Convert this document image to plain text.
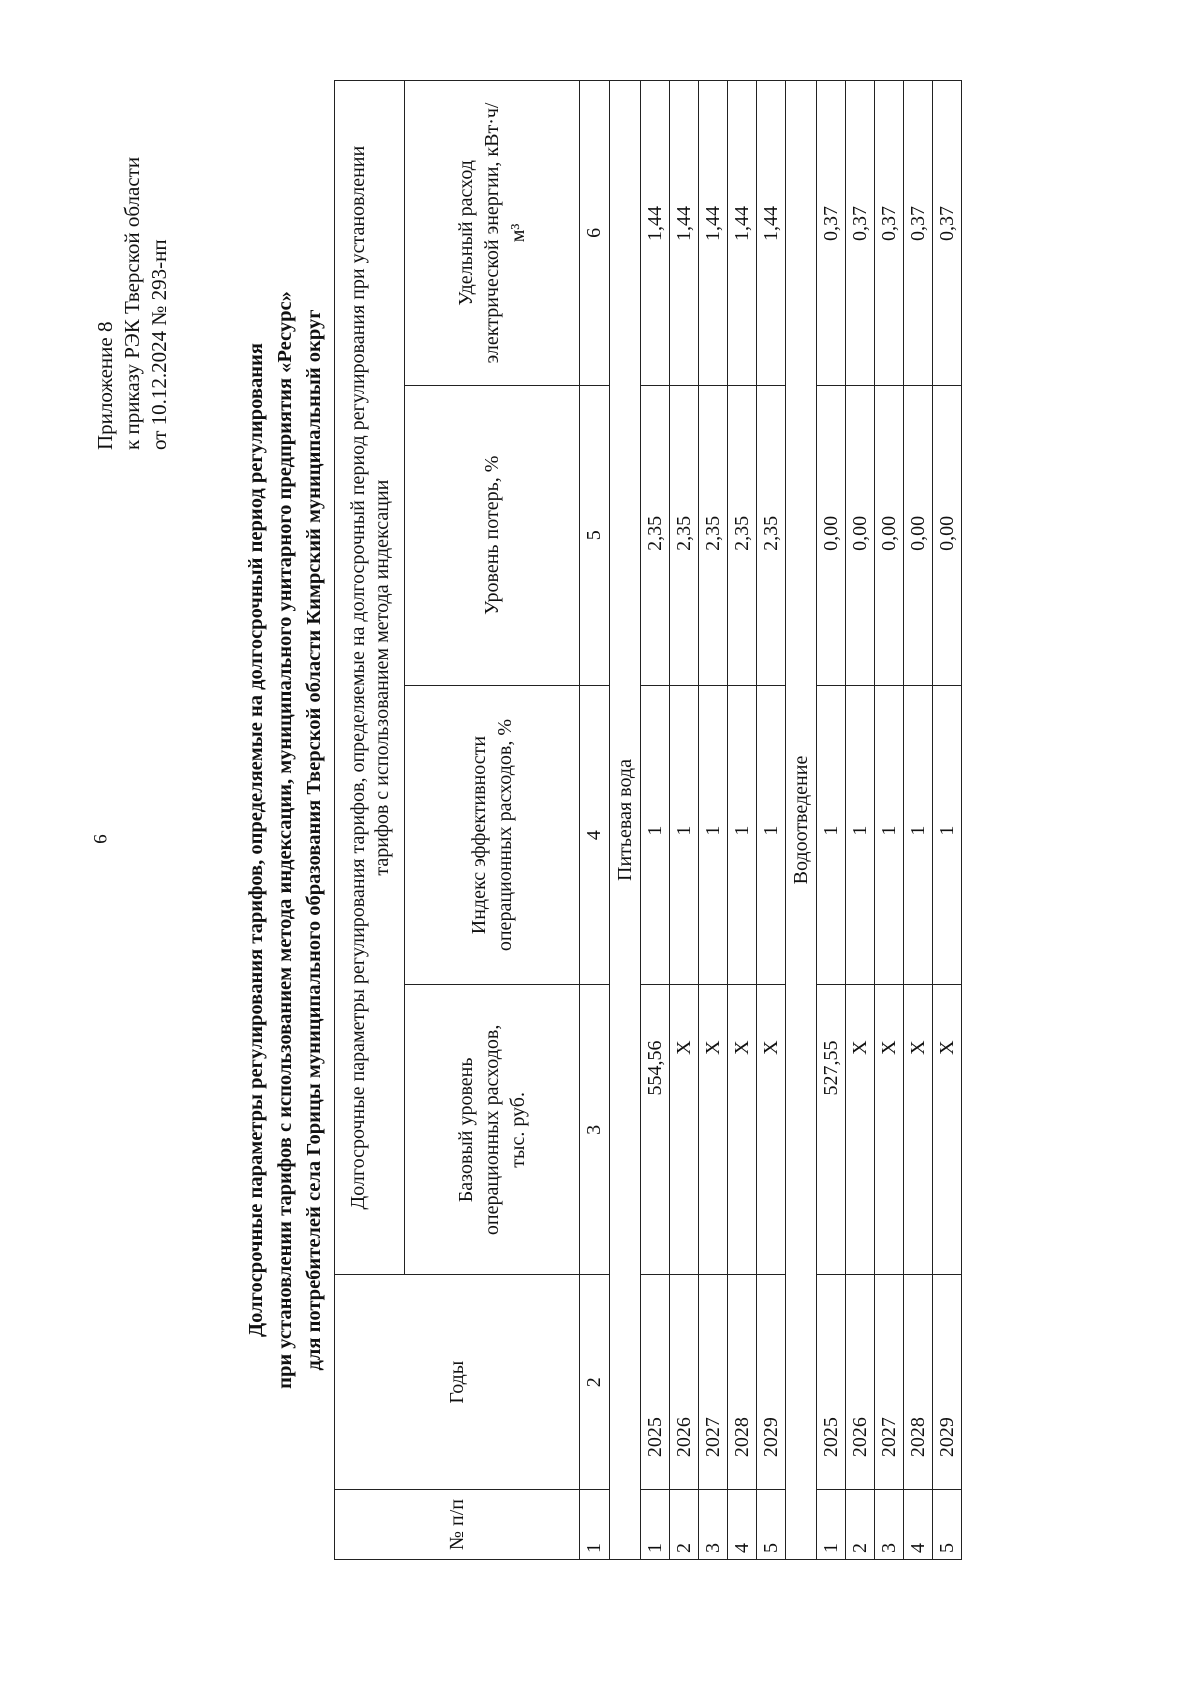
9
Приложение 8 к приказу РЭК Тверской области от 10.12.2024 № 293-нп	Долгосрочные параметры регулирования тарифов, определяемые на долгосрочный период регулирования при установлении тарифов с использованием метода индексации, муниципального унитарного предприятия «Ресурс» для потребителей села Горицы муниципального образования Тверской области Кимрский муниципальный округ
№ п/п	Годы	Долгосрочные параметры регулирования тарифов, определяемые на долгосрочный период регулирования при установлении тарифов с использованием метода индексации			
		Базовый уровень операционных расходов, тыс. руб.	Индекс эффективности операционных расходов, %	Уровень потерь, %	Удельный расход электрической энергии, кВт·ч/м³
1	2	3	4	5	6
Питьевая вода					
1	2025	554,56	1	2,35	1,44
2	2026	Х	1	2,35	1,44
3	2027	Х	1	2,35	1,44
4	2028	Х	1	2,35	1,44
5	2029	Х	1	2,35	1,44
Водоотведение					
1	2025	527,55	1	0,00	0,37
2	2026	Х	1	0,00	0,37
3	2027	Х	1	0,00	0,37
4	2028	Х	1	0,00	0,37
5	2029	Х	1	0,00	0,37
